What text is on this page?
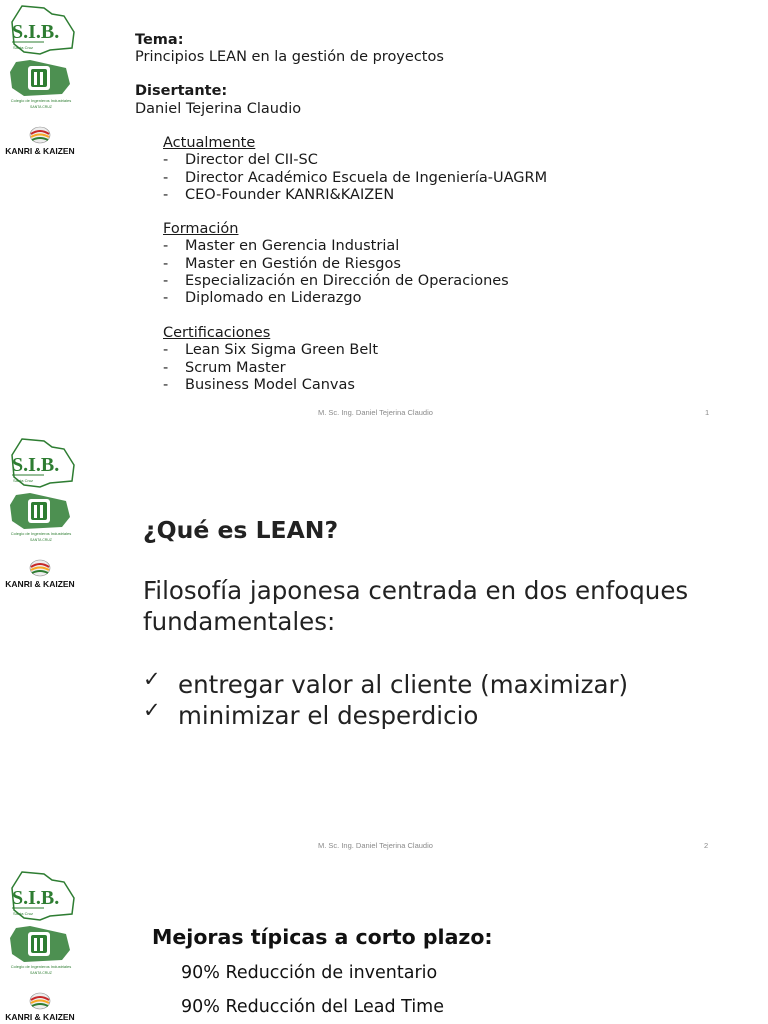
S.I.B.
Santa Cruz
Colegio de Ingenieros Industriales
SANTA CRUZ
KANRI & KAIZEN
Tema:
Principios LEAN en la gestión de proyectos
Disertante:
Daniel Tejerina Claudio
Actualmente
- Director del CII-SC
- Director Académico Escuela de Ingeniería-UAGRM
- CEO-Founder KANRI&KAIZEN
Formación
- Master en Gerencia Industrial
- Master en Gestión de Riesgos
- Especialización en Dirección de Operaciones
- Diplomado en Liderazgo
Certificaciones
- Lean Six Sigma Green Belt
- Scrum Master
- Business Model Canvas
M. Sc. Ing. Daniel Tejerina Claudio	1
S.I.B.
Santa Cruz
Colegio de Ingenieros Industriales
SANTA CRUZ
KANRI & KAIZEN
¿Qué es LEAN?
Filosofía japonesa centrada en dos enfoques fundamentales:
✓ entregar valor al cliente (maximizar)
✓ minimizar el desperdicio
M. Sc. Ing. Daniel Tejerina Claudio	2
S.I.B.
Santa Cruz
Colegio de Ingenieros Industriales
SANTA CRUZ
KANRI & KAIZEN
Mejoras típicas a corto plazo:
90% Reducción de inventario
90% Reducción del Lead Time
